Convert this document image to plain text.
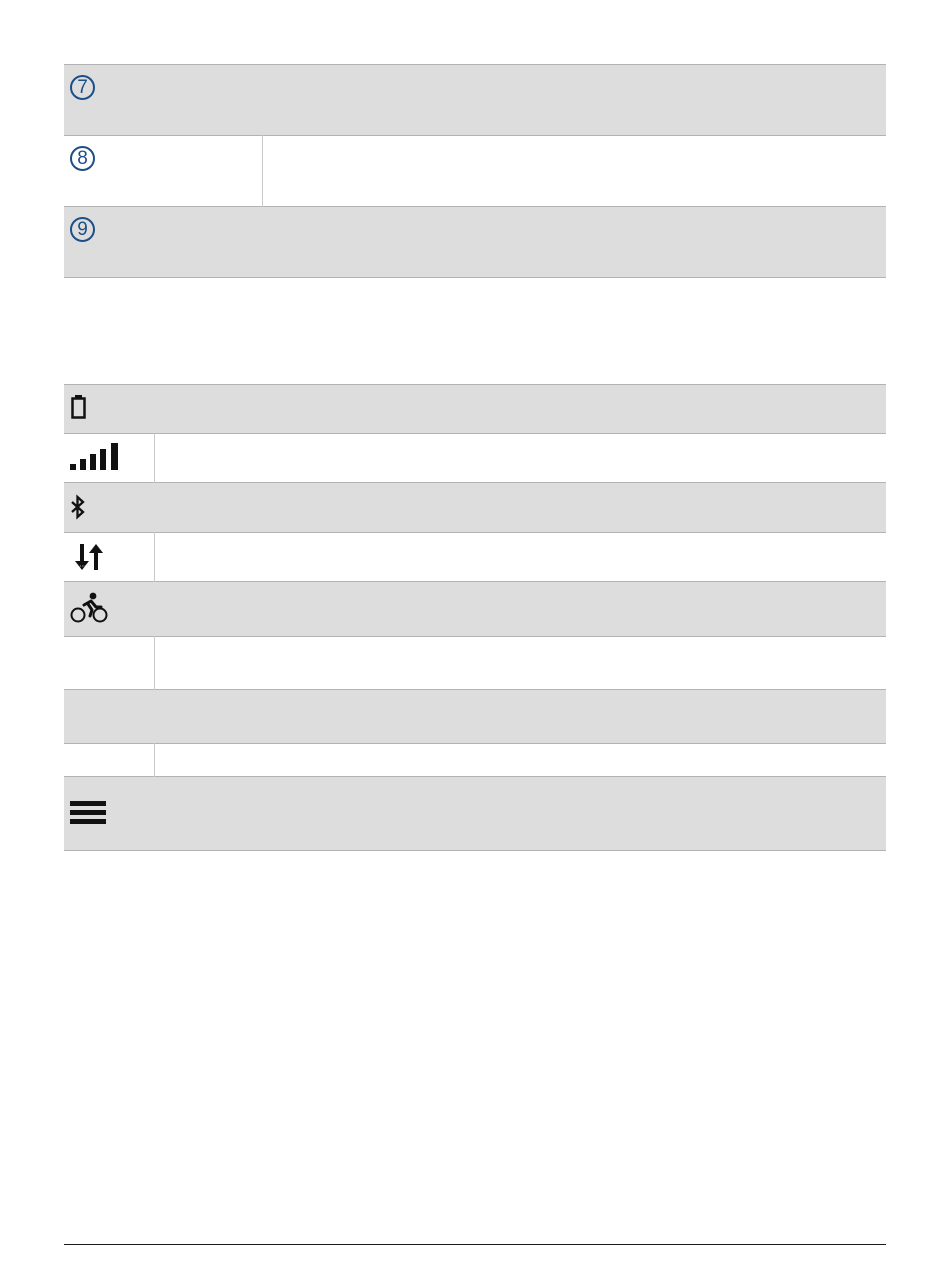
7
8	
9
